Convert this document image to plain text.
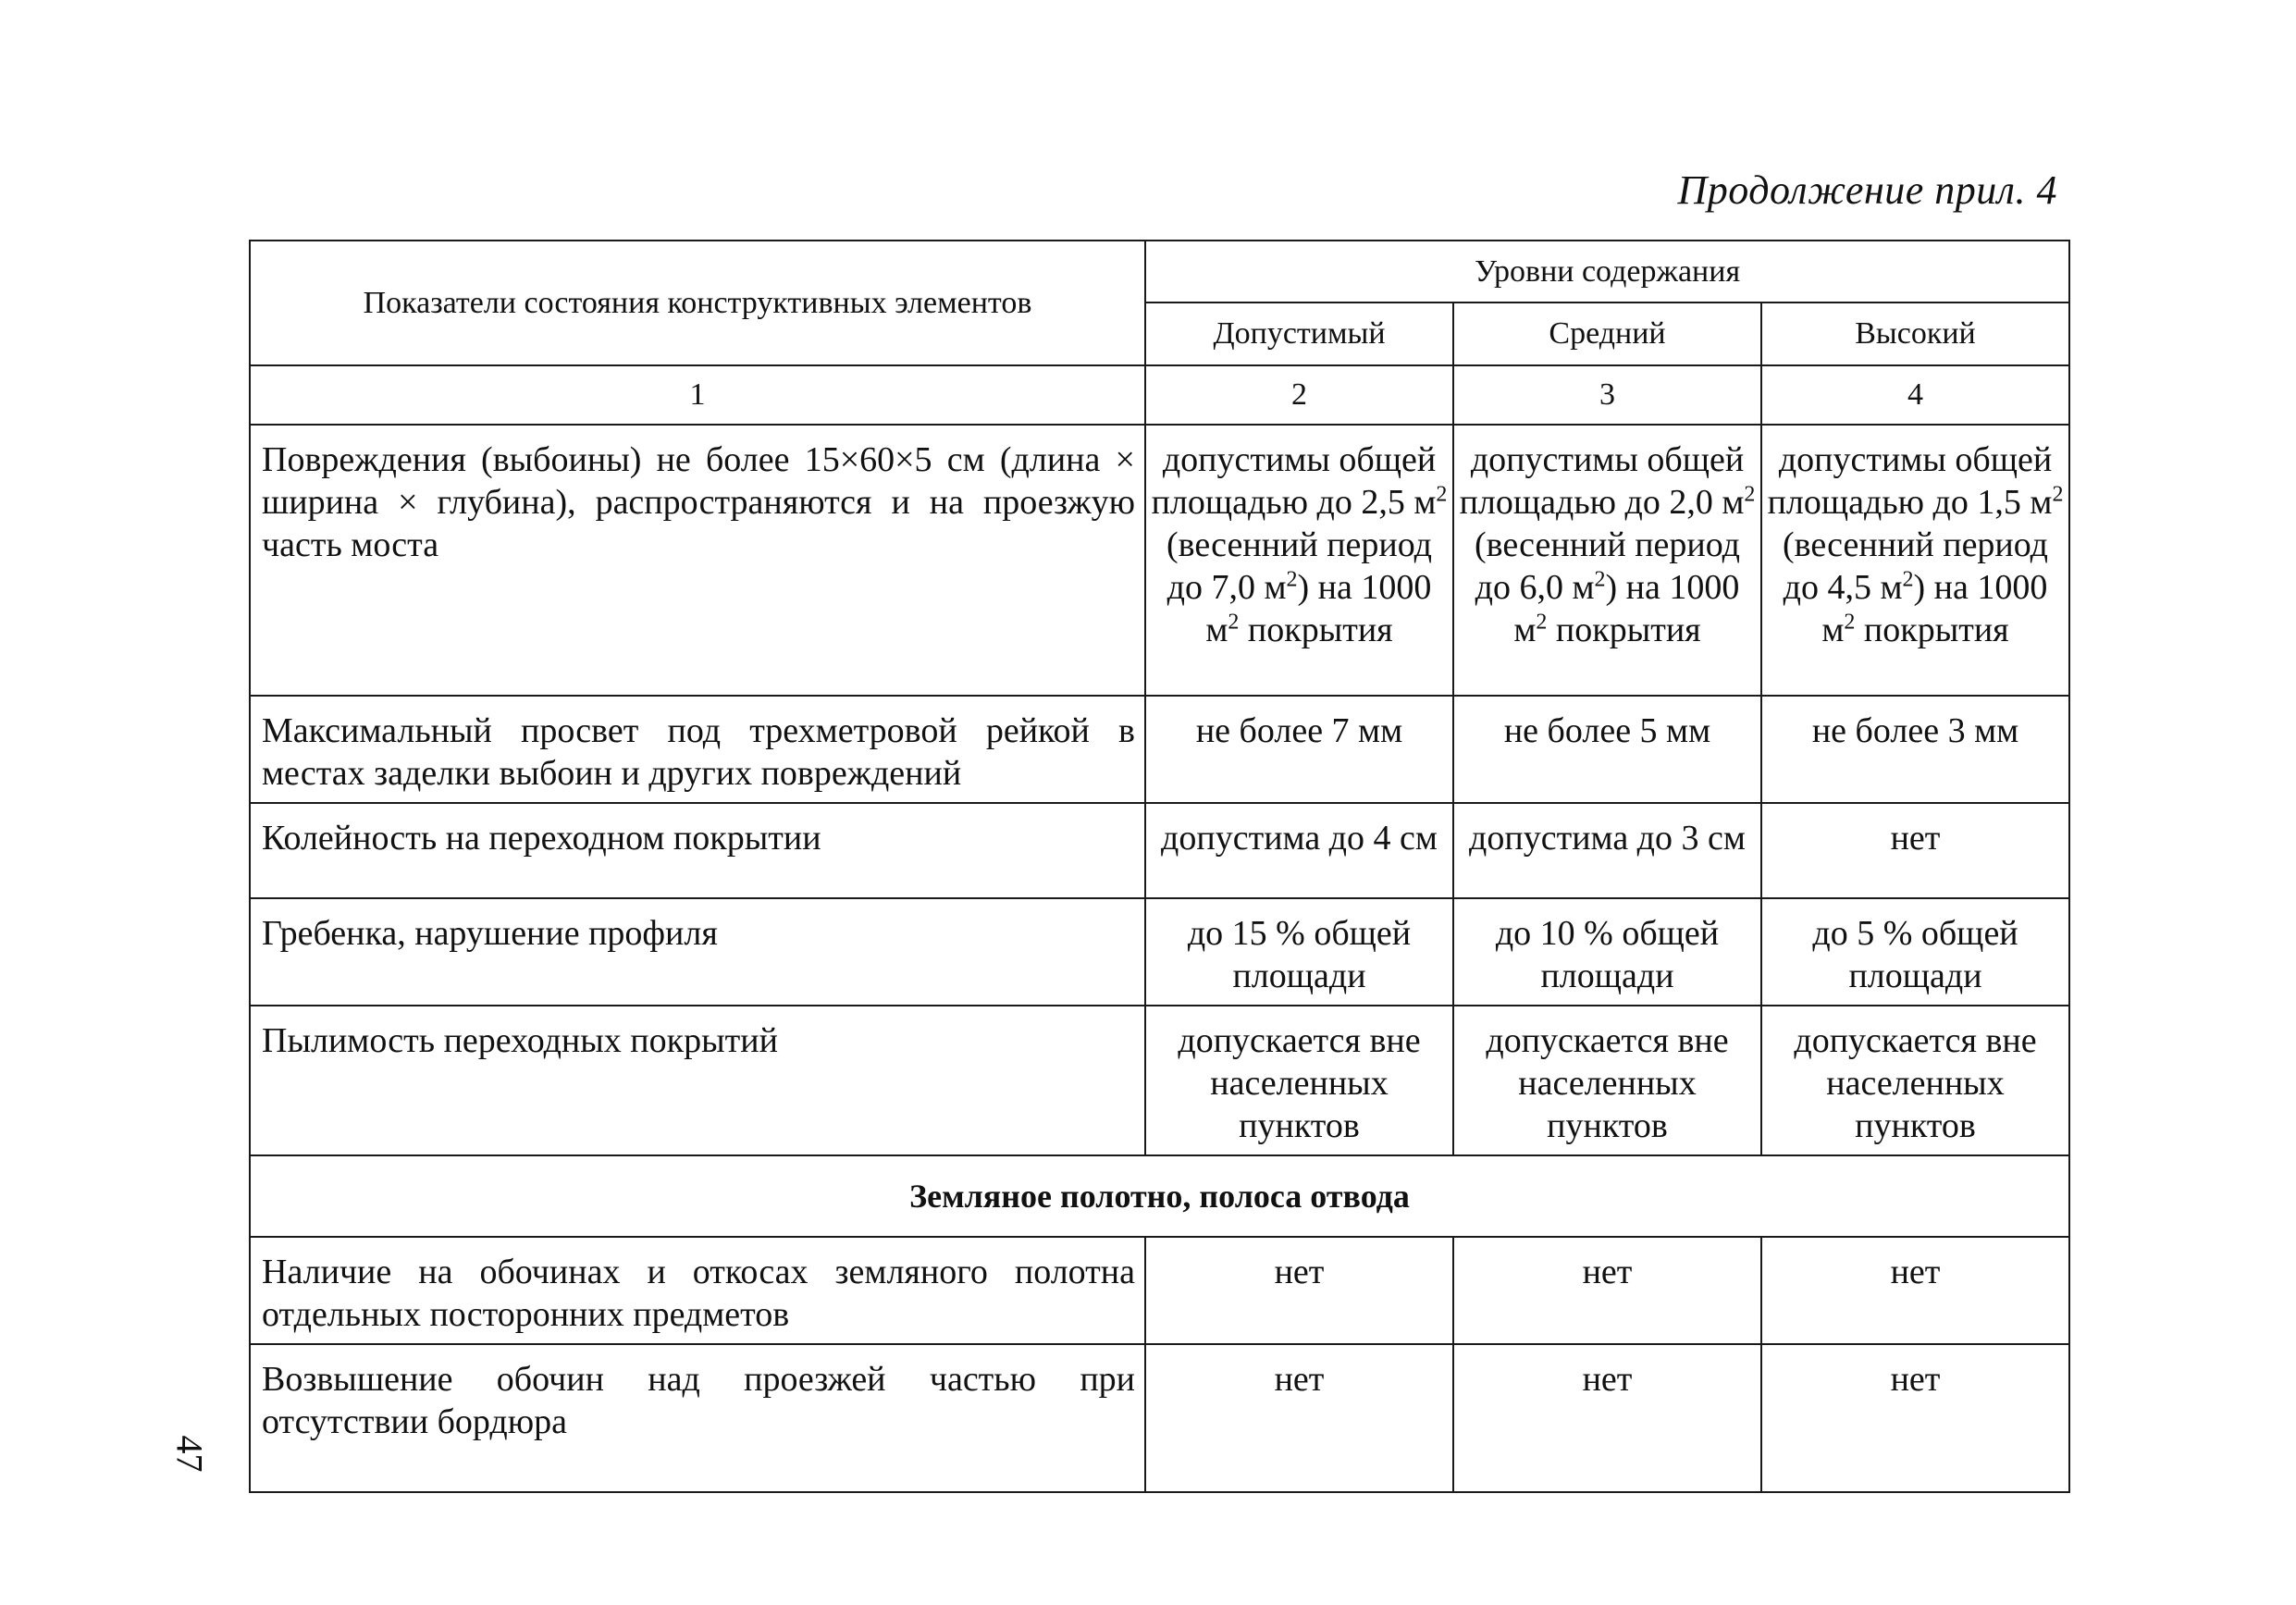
Продолжение прил. 4
47
Показатели состояния конструктивных элементов	Уровни содержания		
	Допустимый	Средний	Высокий
1	2	3	4
Повреждения (выбоины) не более 15×60×5 см (длина × ширина × глубина), распространяются и на проезжую часть моста	допустимы общей площадью до 2,5 $м^2$ (весенний период до 7,0 $м^2$) на 1000 $м^2$ покрытия	допустимы общей площадью до 2,0 $м^2$ (весенний период до 6,0 $м^2$) на 1000 $м^2$ покрытия	допустимы общей площадью до 1,5 $м^2$ (весенний период до 4,5 $м^2$) на 1000 $м^2$ покрытия
Максимальный просвет под трехметровой рейкой в местах заделки выбоин и других повреждений	не более 7 мм	не более 5 мм	не более 3 мм
Колейность на переходном покрытии	допустима до 4 см	допустима до 3 см	нет
Гребенка, нарушение профиля	до 15 % общей площади	до 10 % общей площади	до 5 % общей площади
Пылимость переходных покрытий	допускается вне населенных пунктов	допускается вне населенных пунктов	допускается вне населенных пунктов
Земляное полотно, полоса отвода			
Наличие на обочинах и откосах земляного полотна отдельных посторонних предметов	нет	нет	нет
Возвышение обочин над проезжей частью при отсутствии бордюра	нет	нет	нет
